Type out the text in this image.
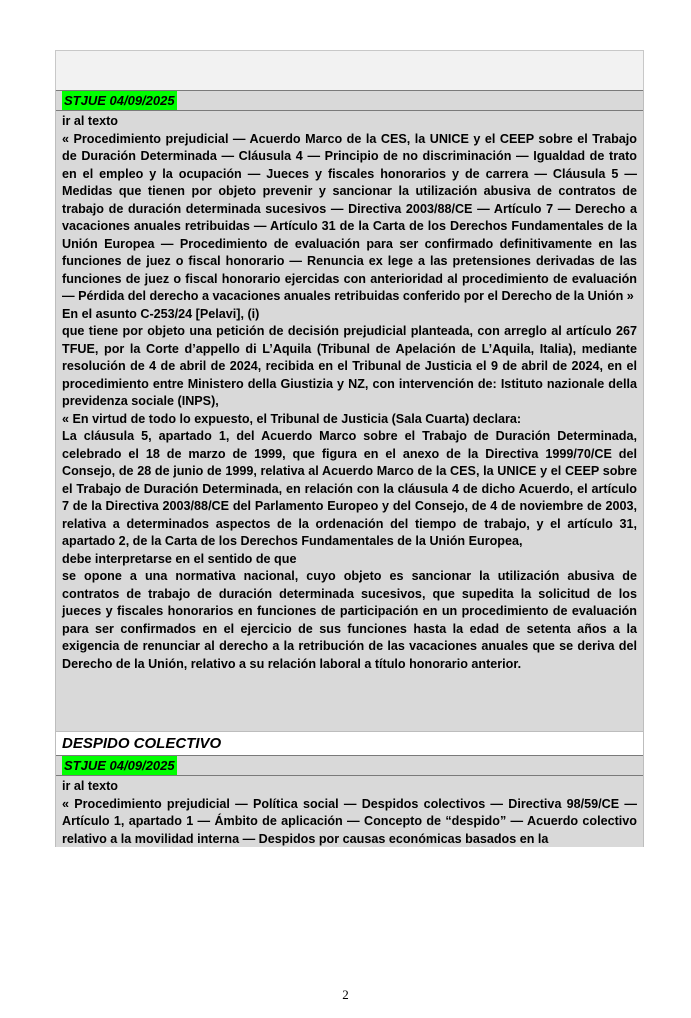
STJUE 04/09/2025

ir al texto

« Procedimiento prejudicial — Acuerdo Marco de la CES, la UNICE y el CEEP sobre el Trabajo de Duración Determinada — Cláusula 4 — Principio de no discriminación — Igualdad de trato en el empleo y la ocupación — Jueces y fiscales honorarios y de carrera — Cláusula 5 — Medidas que tienen por objeto prevenir y sancionar la utilización abusiva de contratos de trabajo de duración determinada sucesivos — Directiva 2003/88/CE — Artículo 7 — Derecho a vacaciones anuales retribuidas — Artículo 31 de la Carta de los Derechos Fundamentales de la Unión Europea — Procedimiento de evaluación para ser confirmado definitivamente en las funciones de juez o fiscal honorario — Renuncia ex lege a las pretensiones derivadas de las funciones de juez o fiscal honorario ejercidas con anterioridad al procedimiento de evaluación — Pérdida del derecho a vacaciones anuales retribuidas conferido por el Derecho de la Unión »

En el asunto C-253/24 [Pelavi], (i)

que tiene por objeto una petición de decisión prejudicial planteada, con arreglo al artículo 267 TFUE, por la Corte d’appello di L’Aquila (Tribunal de Apelación de L’Aquila, Italia), mediante resolución de 4 de abril de 2024, recibida en el Tribunal de Justicia el 9 de abril de 2024, en el procedimiento entre Ministero della Giustizia y NZ, con intervención de: Istituto nazionale della previdenza sociale (INPS),

« En virtud de todo lo expuesto, el Tribunal de Justicia (Sala Cuarta) declara:

La cláusula 5, apartado 1, del Acuerdo Marco sobre el Trabajo de Duración Determinada, celebrado el 18 de marzo de 1999, que figura en el anexo de la Directiva 1999/70/CE del Consejo, de 28 de junio de 1999, relativa al Acuerdo Marco de la CES, la UNICE y el CEEP sobre el Trabajo de Duración Determinada, en relación con la cláusula 4 de dicho Acuerdo, el artículo 7 de la Directiva 2003/88/CE del Parlamento Europeo y del Consejo, de 4 de noviembre de 2003, relativa a determinados aspectos de la ordenación del tiempo de trabajo, y el artículo 31, apartado 2, de la Carta de los Derechos Fundamentales de la Unión Europea,

debe interpretarse en el sentido de que

se opone a una normativa nacional, cuyo objeto es sancionar la utilización abusiva de contratos de trabajo de duración determinada sucesivos, que supedita la solicitud de los jueces y fiscales honorarios en funciones de participación en un procedimiento de evaluación para ser confirmados en el ejercicio de sus funciones hasta la edad de setenta años a la exigencia de renunciar al derecho a la retribución de las vacaciones anuales que se deriva del Derecho de la Unión, relativo a su relación laboral a título honorario anterior.

DESPIDO COLECTIVO
STJUE 04/09/2025

ir al texto

« Procedimiento prejudicial — Política social — Despidos colectivos — Directiva 98/59/CE — Artículo 1, apartado 1 — Ámbito de aplicación — Concepto de “despido” — Acuerdo colectivo relativo a la movilidad interna — Despidos por causas económicas basados en la

2
